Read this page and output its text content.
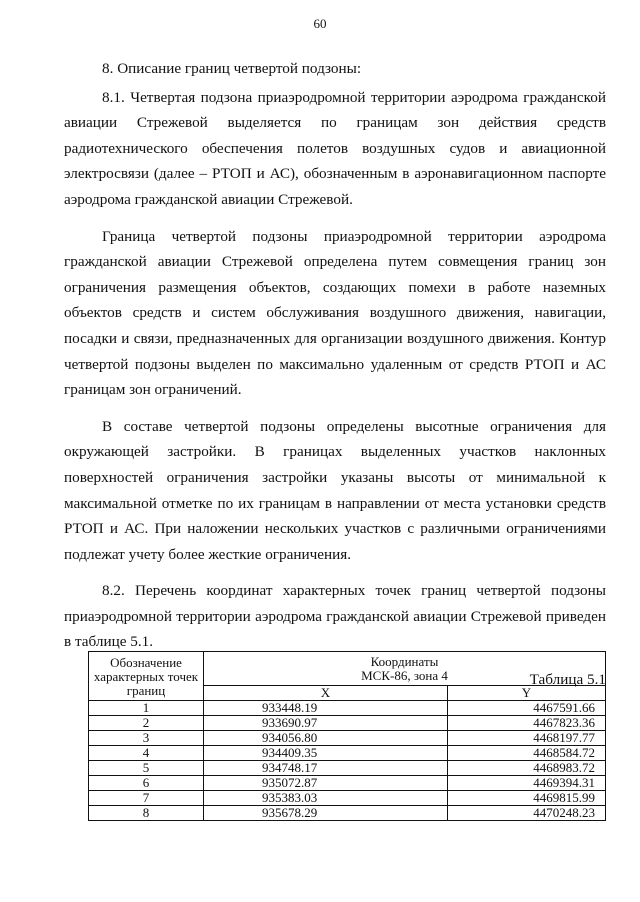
60

8. Описание границ четвертой подзоны:

8.1. Четвертая подзона приаэродромной территории аэродрома гражданской авиации Стрежевой выделяется по границам зон действия средств радиотехнического обеспечения полетов воздушных судов и авиационной электросвязи (далее – РТОП и АС), обозначенным в аэронавигационном паспорте аэродрома гражданской авиации Стрежевой.

Граница четвертой подзоны приаэродромной территории аэродрома гражданской авиации Стрежевой определена путем совмещения границ зон ограничения размещения объектов, создающих помехи в работе наземных объектов средств и систем обслуживания воздушного движения, навигации, посадки и связи, предназначенных для организации воздушного движения. Контур четвертой подзоны выделен по максимально удаленным от средств РТОП и АС границам зон ограничений.

В составе четвертой подзоны определены высотные ограничения для окружающей застройки. В границах выделенных участков наклонных поверхностей ограничения застройки указаны высоты от минимальной к максимальной отметке по их границам в направлении от места установки средств РТОП и АС. При наложении нескольких участков с различными ограничениями подлежат учету более жесткие ограничения.

8.2. Перечень координат характерных точек границ четвертой подзоны приаэродромной территории аэродрома гражданской авиации Стрежевой приведен в таблице 5.1.

Таблица 5.1
Обозначение характерных точек границ	Координаты
МСК-86, зона 4	
	X	Y
1	933448.19	4467591.66
2	933690.97	4467823.36
3	934056.80	4468197.77
4	934409.35	4468584.72
5	934748.17	4468983.72
6	935072.87	4469394.31
7	935383.03	4469815.99
8	935678.29	4470248.23
